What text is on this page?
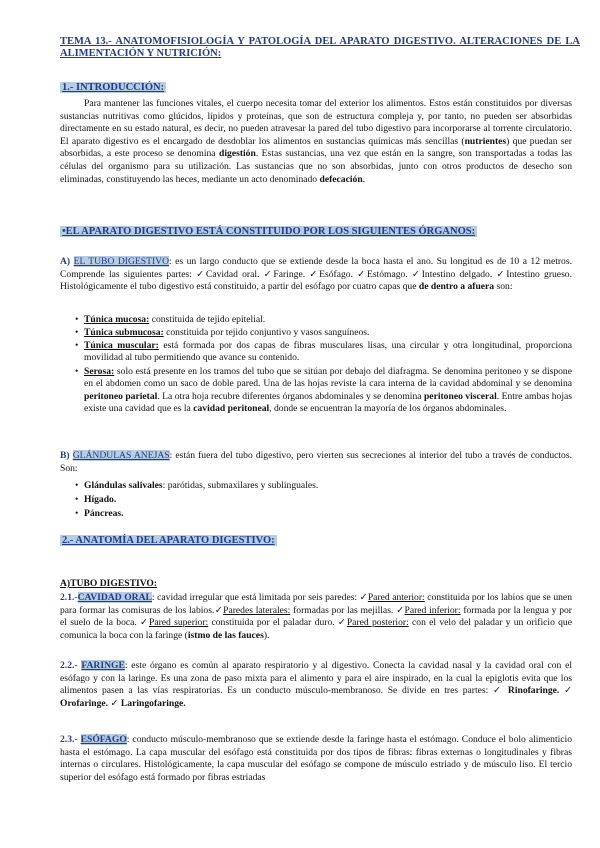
TEMA 13.- ANATOMOFISIOLOGÍA Y PATOLOGÍA DEL APARATO DIGESTIVO. ALTERACIONES DE LA ALIMENTACIÓN Y NUTRICIÓN:
1.- INTRODUCCIÓN:
Para mantener las funciones vitales, el cuerpo necesita tomar del exterior los alimentos. Estos están constituidos por diversas sustancias nutritivas como glúcidos, lípidos y proteínas, que son de estructura compleja y, por tanto, no pueden ser absorbidas directamente en su estado natural, es decir, no pueden atravesar la pared del tubo digestivo para incorporarse al torrente circulatorio. El aparato digestivo es el encargado de desdoblar los alimentos en sustancias químicas más sencillas (nutrientes) que puedan ser absorbidas, a este proceso se denomina digestión. Estas sustancias, una vez que están en la sangre, son transportadas a todas las células del organismo para su utilización. Las sustancias que no son absorbidas, junto con otros productos de desecho son eliminadas, constituyendo las heces, mediante un acto denominado defecación.
•EL APARATO DIGESTIVO ESTÁ CONSTITUIDO POR LOS SIGUIENTES ÓRGANOS:
A) EL TUBO DIGESTIVO: es un largo conducto que se extiende desde la boca hasta el ano. Su longitud es de 10 a 12 metros. Comprende las siguientes partes: ✓Cavidad oral. ✓Faringe. ✓Esófago. ✓Estómago. ✓Intestino delgado. ✓Intestino grueso. Histológicamente el tubo digestivo está constituido, a partir del esófago por cuatro capas que de dentro a afuera son:
• Túnica mucosa: constituida de tejido epitelial.
• Túnica submucosa: constituida por tejido conjuntivo y vasos sanguíneos.
• Túnica muscular: está formada por dos capas de fibras musculares lisas, una circular y otra longitudinal, proporciona movilidad al tubo permitiendo que avance su contenido.
• Serosa: solo está presente en los tramos del tubo que se sitúan por debajo del diafragma. Se denomina peritoneo y se dispone en el abdomen como un saco de doble pared. Una de las hojas reviste la cara interna de la cavidad abdominal y se denomina peritoneo parietal. La otra hoja recubre diferentes órganos abdominales y se denomina peritoneo visceral. Entre ambas hojas existe una cavidad que es la cavidad peritoneal, donde se encuentran la mayoría de los órganos abdominales.
B) GLÁNDULAS ANEJAS: están fuera del tubo digestivo, pero vierten sus secreciones al interior del tubo a través de conductos. Son:
• Glándulas salivales: parótidas, submaxilares y sublinguales.
• Hígado.
• Páncreas.
2.- ANATOMÍA DEL APARATO DIGESTIVO:
A)TUBO DIGESTIVO:
2.1.-CAVIDAD ORAL: cavidad irregular que está limitada por seis paredes: ✓Pared anterior: constituida por los labios que se unen para formar las comisuras de los labios.✓Paredes laterales: formadas por las mejillas. ✓Pared inferior: formada por la lengua y por el suelo de la boca. ✓Pared superior: constituida por el paladar duro. ✓Pared posterior: con el velo del paladar y un orificio que comunica la boca con la faringe (istmo de las fauces).
2.2.- FARINGE: este órgano es común al aparato respiratorio y al digestivo. Conecta la cavidad nasal y la cavidad oral con el esófago y con la laringe. Es una zona de paso mixta para el alimento y para el aire inspirado, en la cual la epiglotis evita que los alimentos pasen a las vías respiratorias. Es un conducto músculo-membranoso. Se divide en tres partes: ✓ Rinofaringe. ✓ Orofaringe. ✓ Laringofaringe.
2.3.- ESÓFAGO: conducto músculo-membranoso que se extiende desde la faringe hasta el estómago. Conduce el bolo alimenticio hasta el estómago. La capa muscular del esófago está constituida por dos tipos de fibras: fibras externas o longitudinales y fibras internas o circulares. Histológicamente, la capa muscular del esófago se compone de músculo estriado y de músculo liso. El tercio superior del esófago está formado por fibras estriadas
